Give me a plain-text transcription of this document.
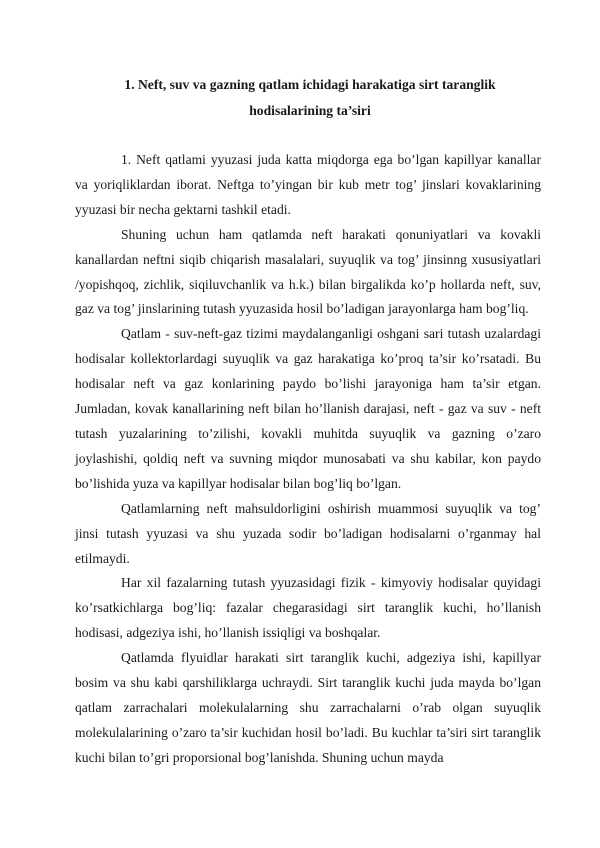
1. Neft, suv va gazning qatlam ichidagi harakatiga sirt taranglik
hodisalarining ta’siri

1. Neft qatlami yyuzasi juda katta miqdorga ega bo’lgan kapillyar kanallar va yoriqliklardan iborat. Neftga to’yingan bir kub metr tog’ jinslari kovaklarining yyuzasi bir necha gektarni tashkil etadi.

Shuning uchun ham qatlamda neft harakati qonuniyatlari va kovakli kanallardan neftni siqib chiqarish masalalari, suyuqlik va tog’ jinsinng xususiyatlari /yopishqoq, zichlik, siqiluvchanlik va h.k.) bilan birgalikda ko’p hollarda neft, suv, gaz va tog’ jinslarining tutash yyuzasida hosil bo’ladigan jarayonlarga ham bog’liq.

Qatlam - suv-neft-gaz tizimi maydalanganligi oshgani sari tutash uzalardagi hodisalar kollektorlardagi suyuqlik va gaz harakatiga ko’proq ta’sir ko’rsatadi. Bu hodisalar neft va gaz konlarining paydo bo’lishi jarayoniga ham ta’sir etgan. Jumladan, kovak kanallarining neft bilan ho’llanish darajasi, neft - gaz va suv - neft tutash yuzalarining to’zilishi, kovakli muhitda suyuqlik va gazning o’zaro joylashishi, qoldiq neft va suvning miqdor munosabati va shu kabilar, kon paydo bo’lishida yuza va kapillyar hodisalar bilan bog’liq bo’lgan.

Qatlamlarning neft mahsuldorligini oshirish muammosi suyuqlik va tog’ jinsi tutash yyuzasi va shu yuzada sodir bo’ladigan hodisalarni o’rganmay hal etilmaydi.

Har xil fazalarning tutash yyuzasidagi fizik - kimyoviy hodisalar quyidagi ko’rsatkichlarga bog’liq: fazalar chegarasidagi sirt taranglik kuchi, ho’llanish hodisasi, adgeziya ishi, ho’llanish issiqligi va boshqalar.

Qatlamda flyuidlar harakati sirt taranglik kuchi, adgeziya ishi, kapillyar bosim va shu kabi qarshiliklarga uchraydi. Sirt taranglik kuchi juda mayda bo’lgan qatlam zarrachalari molekulalarning shu zarrachalarni o’rab olgan suyuqlik molekulalarining o’zaro ta’sir kuchidan hosil bo’ladi. Bu kuchlar ta’siri sirt taranglik kuchi bilan to’gri proporsional bog’lanishda. Shuning uchun mayda
